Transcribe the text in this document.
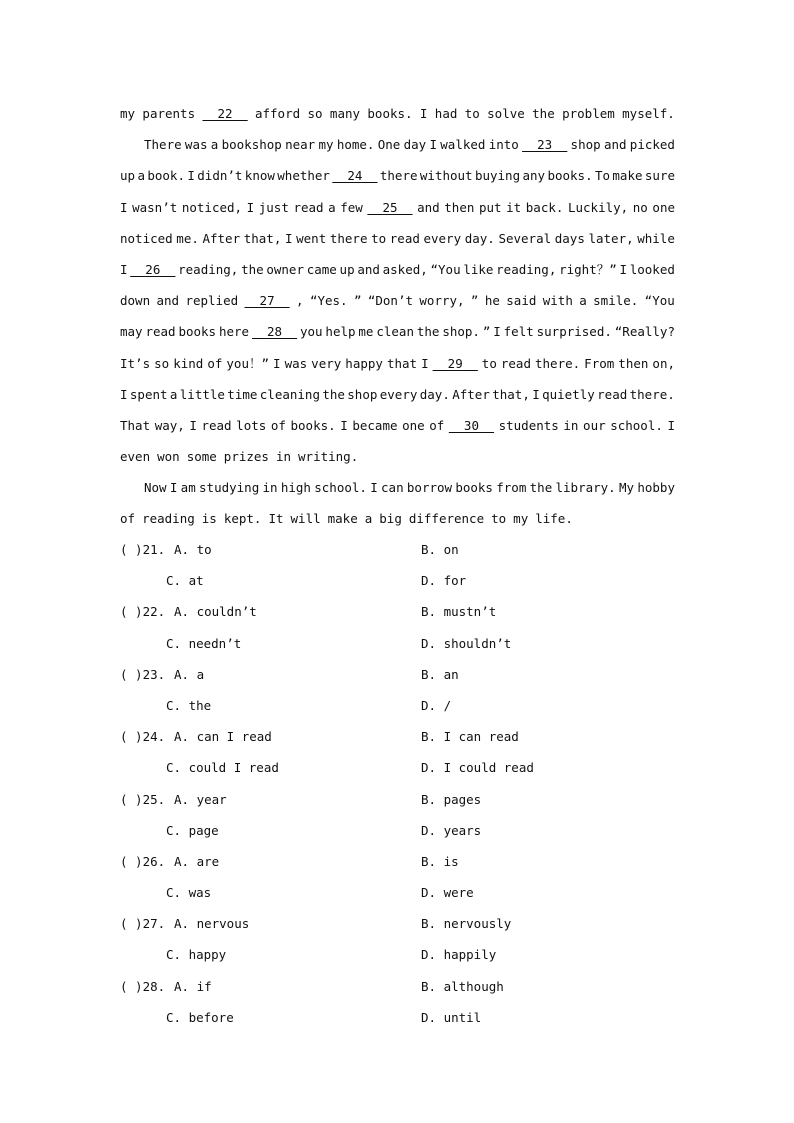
my parents __22__ afford so many books. I had to solve the problem myself.
There was a bookshop near my home. One day I walked into __23__ shop and picked
up a book. I didn’t know whether __24__ there without buying any books. To make sure
I wasn’t noticed, I just read a few __25__ and then put it back. Luckily, no one
noticed me. After that, I went there to read every day. Several days later, while
I __26__ reading, the owner came up and asked, “You like reading, right？” I looked
down and replied __27__ , “Yes. ” “Don’t worry, ” he said with a smile. “You
may read books here __28__ you help me clean the shop. ” I felt surprised. “Really?
It’s so kind of you！” I was very happy that I __29__ to read there. From then on,
I spent a little time cleaning the shop every day. After that, I quietly read there.
That way, I read lots of books. I became one of __30__ students in our school. I
even won some prizes in writing.
Now I am studying in high school. I can borrow books from the library. My hobby
of reading is kept. It will make a big difference to my life.
( )21. A. to	B. on
C. at	D. for
( )22. A. couldn’t	B. mustn’t
C. needn’t	D. shouldn’t
( )23. A. a	B. an
C. the	D. /
( )24. A. can I read	B. I can read
C. could I read	D. I could read
( )25. A. year	B. pages
C. page	D. years
( )26. A. are	B. is
C. was	D. were
( )27. A. nervous	B. nervously
C. happy	D. happily
( )28. A. if	B. although
C. before	D. until
